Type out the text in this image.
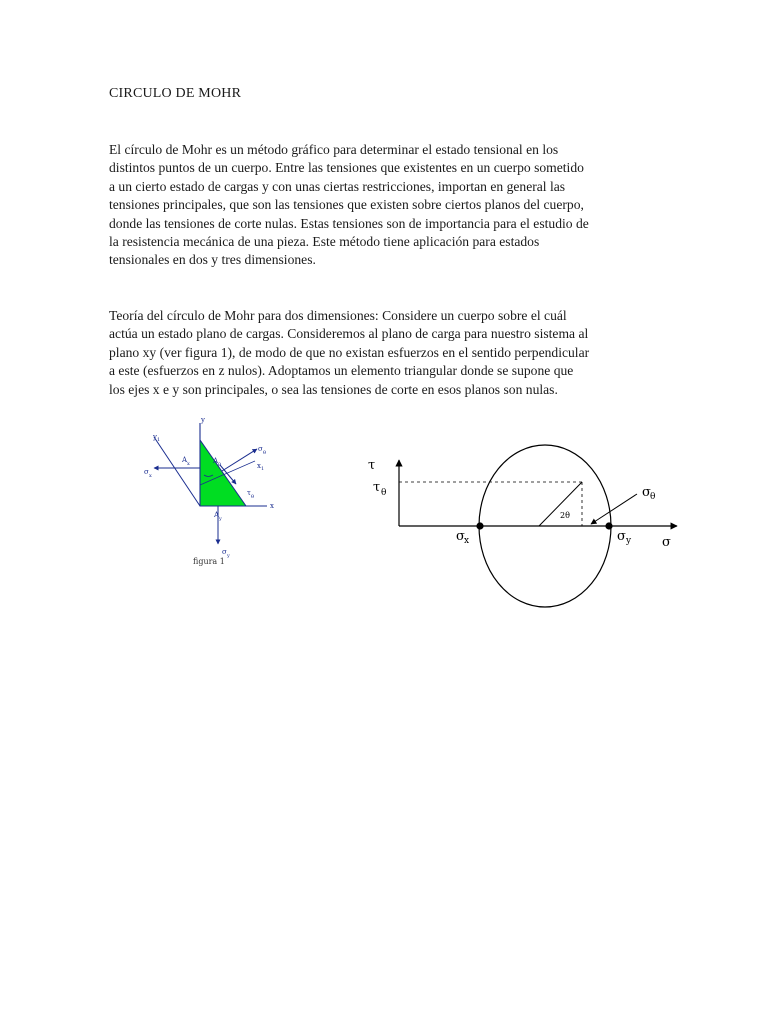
CIRCULO DE MOHR

El círculo de Mohr es un método gráfico para determinar el estado tensional en los
distintos puntos de un cuerpo. Entre las tensiones que existentes en un cuerpo sometido
a un cierto estado de cargas y con unas ciertas restricciones, importan en general las
tensiones principales, que son las tensiones que existen sobre ciertos planos del cuerpo,
donde las tensiones de corte nulas. Estas tensiones son de importancia para el estudio de
la resistencia mecánica de una pieza. Este método tiene aplicación para estados
tensionales en dos y tres dimensiones.

Teoría del círculo de Mohr para dos dimensiones: Considere un cuerpo sobre el cuál
actúa un estado plano de cargas. Consideremos al plano de carga para nuestro sistema al
plano xy (ver figura 1), de modo de que no existan esfuerzos en el sentido perpendicular
a este (esfuerzos en z nulos). Adoptamos un elemento triangular donde se supone que
los ejes x e y son principales, o sea las tensiones de corte en esos planos son nulas.

y
x
y 1
x 1
σ x
σ y
σ θ
τ θ
A x	A θ
A y
figura 1
τ
σ
τ θ	σ θ
σ x	σ y
2θ
